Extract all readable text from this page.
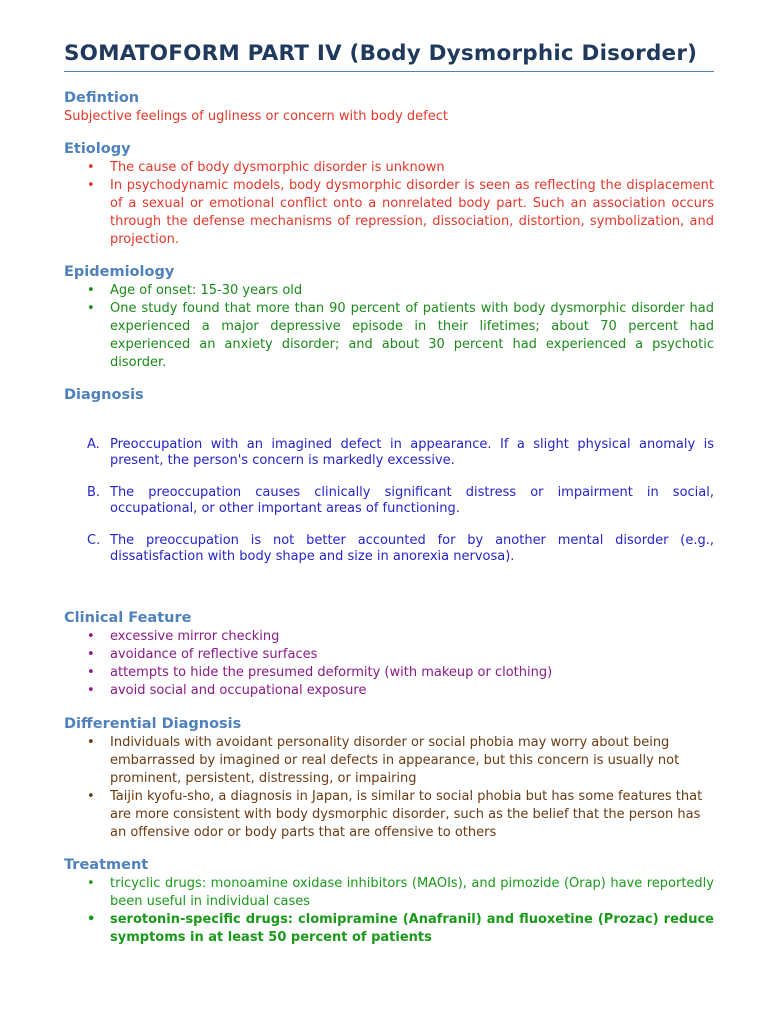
SOMATOFORM PART IV (Body Dysmorphic Disorder)
Defintion

Subjective feelings of ugliness or concern with body defect

Etiology
• The cause of body dysmorphic disorder is unknown
• In psychodynamic models, body dysmorphic disorder is seen as reflecting the displacement of a sexual or emotional conflict onto a nonrelated body part. Such an association occurs through the defense mechanisms of repression, dissociation, distortion, symbolization, and projection.
Epidemiology
• Age of onset: 15-30 years old
• One study found that more than 90 percent of patients with body dysmorphic disorder had experienced a major depressive episode in their lifetimes; about 70 percent had experienced an anxiety disorder; and about 30 percent had experienced a psychotic disorder.
Diagnosis
A. Preoccupation with an imagined defect in appearance. If a slight physical anomaly is present, the person's concern is markedly excessive.
B. The preoccupation causes clinically significant distress or impairment in social, occupational, or other important areas of functioning.
C. The preoccupation is not better accounted for by another mental disorder (e.g., dissatisfaction with body shape and size in anorexia nervosa).
Clinical Feature
• excessive mirror checking
• avoidance of reflective surfaces
• attempts to hide the presumed deformity (with makeup or clothing)
• avoid social and occupational exposure
Differential Diagnosis
• Individuals with avoidant personality disorder or social phobia may worry about being embarrassed by imagined or real defects in appearance, but this concern is usually not prominent, persistent, distressing, or impairing
• Taijin kyofu-sho, a diagnosis in Japan, is similar to social phobia but has some features that are more consistent with body dysmorphic disorder, such as the belief that the person has an offensive odor or body parts that are offensive to others
Treatment
• tricyclic drugs: monoamine oxidase inhibitors (MAOIs), and pimozide (Orap) have reportedly been useful in individual cases
• serotonin-specific drugs: clomipramine (Anafranil) and fluoxetine (Prozac) reduce symptoms in at least 50 percent of patients
